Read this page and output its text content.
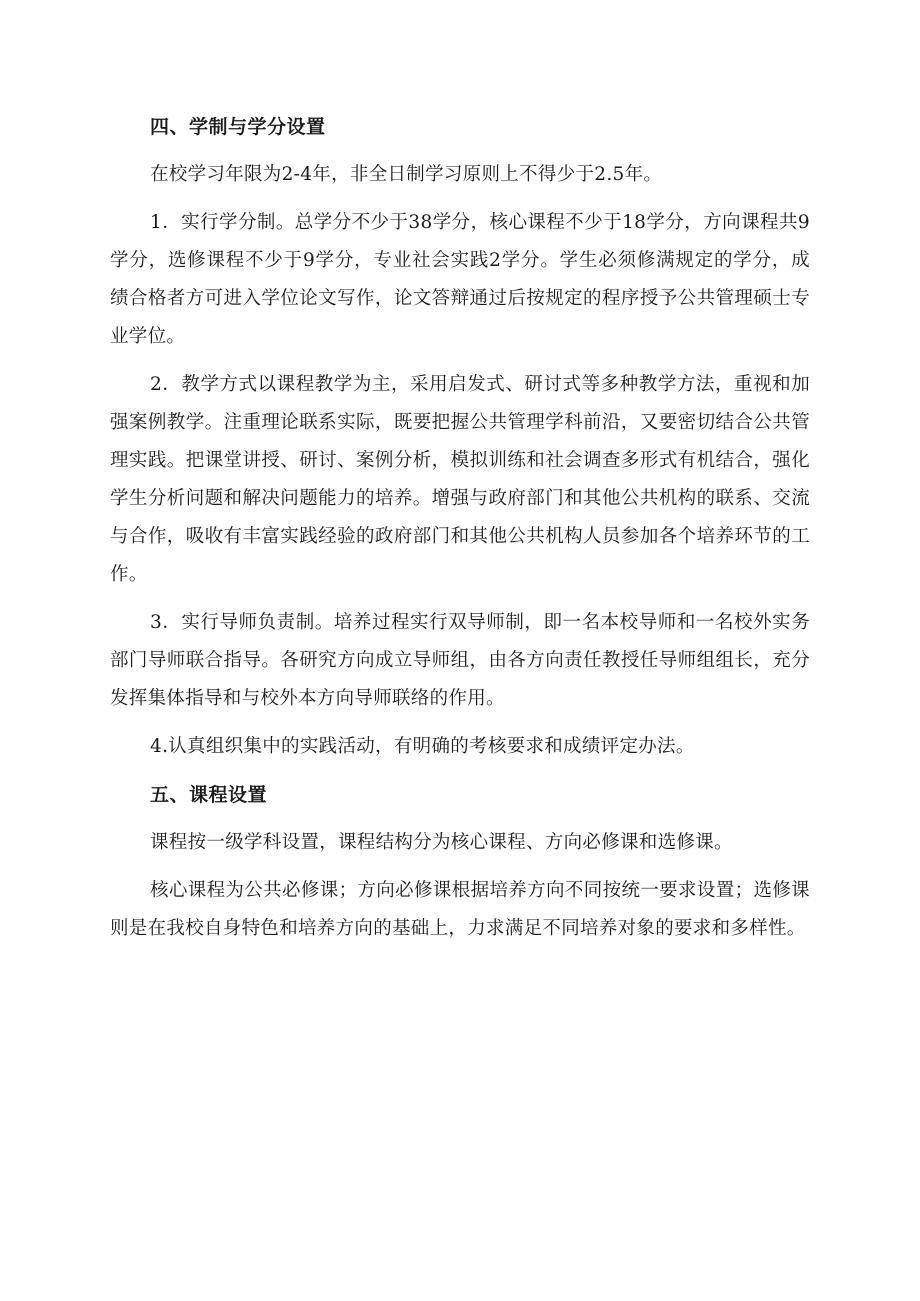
四、学制与学分设置

在校学习年限为2-4年，非全日制学习原则上不得少于2.5年。

1．实行学分制。总学分不少于38学分，核心课程不少于18学分，方向课程共9学分，选修课程不少于9学分，专业社会实践2学分。学生必须修满规定的学分，成绩合格者方可进入学位论文写作，论文答辩通过后按规定的程序授予公共管理硕士专业学位。

2．教学方式以课程教学为主，采用启发式、研讨式等多种教学方法，重视和加强案例教学。注重理论联系实际，既要把握公共管理学科前沿，又要密切结合公共管理实践。把课堂讲授、研讨、案例分析，模拟训练和社会调查多形式有机结合，强化学生分析问题和解决问题能力的培养。增强与政府部门和其他公共机构的联系、交流与合作，吸收有丰富实践经验的政府部门和其他公共机构人员参加各个培养环节的工作。

3．实行导师负责制。培养过程实行双导师制，即一名本校导师和一名校外实务部门导师联合指导。各研究方向成立导师组，由各方向责任教授任导师组组长，充分发挥集体指导和与校外本方向导师联络的作用。

4.认真组织集中的实践活动，有明确的考核要求和成绩评定办法。

五、课程设置

课程按一级学科设置，课程结构分为核心课程、方向必修课和选修课。

核心课程为公共必修课；方向必修课根据培养方向不同按统一要求设置；选修课则是在我校自身特色和培养方向的基础上，力求满足不同培养对象的要求和多样性。
